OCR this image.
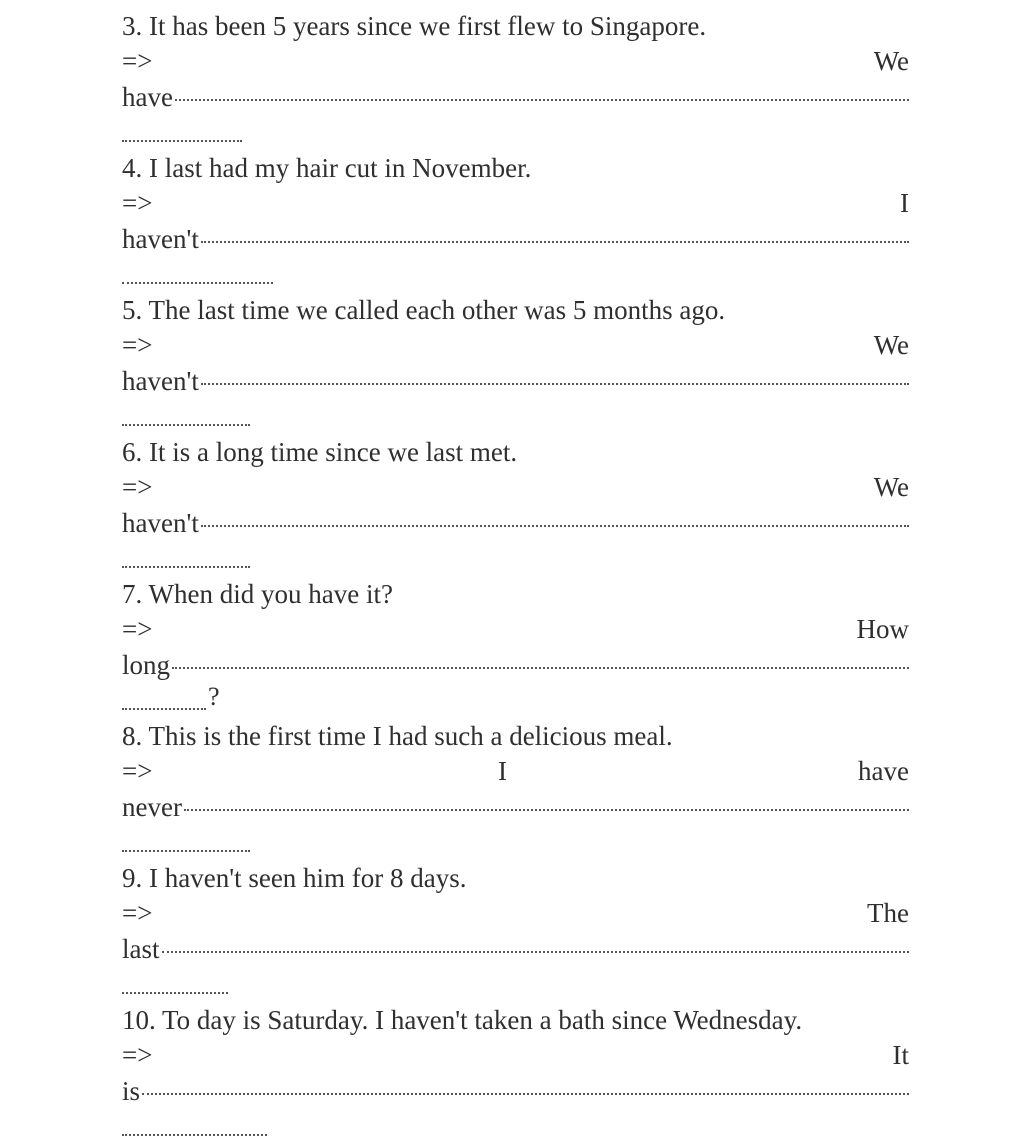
3. It has been 5 years since we first flew to Singapore.
=>	We
have
4. I last had my hair cut in November.
=>	I
haven't
5. The last time we called each other was 5 months ago.
=>	We
haven't
6. It is a long time since we last met.
=>	We
haven't
7. When did you have it?
=>	How
long
?
8. This is the first time I had such a delicious meal.
=>	I	have
never
9. I haven't seen him for 8 days.
=>	The
last
10. To day is Saturday. I haven't taken a bath since Wednesday.
=>	It
is
